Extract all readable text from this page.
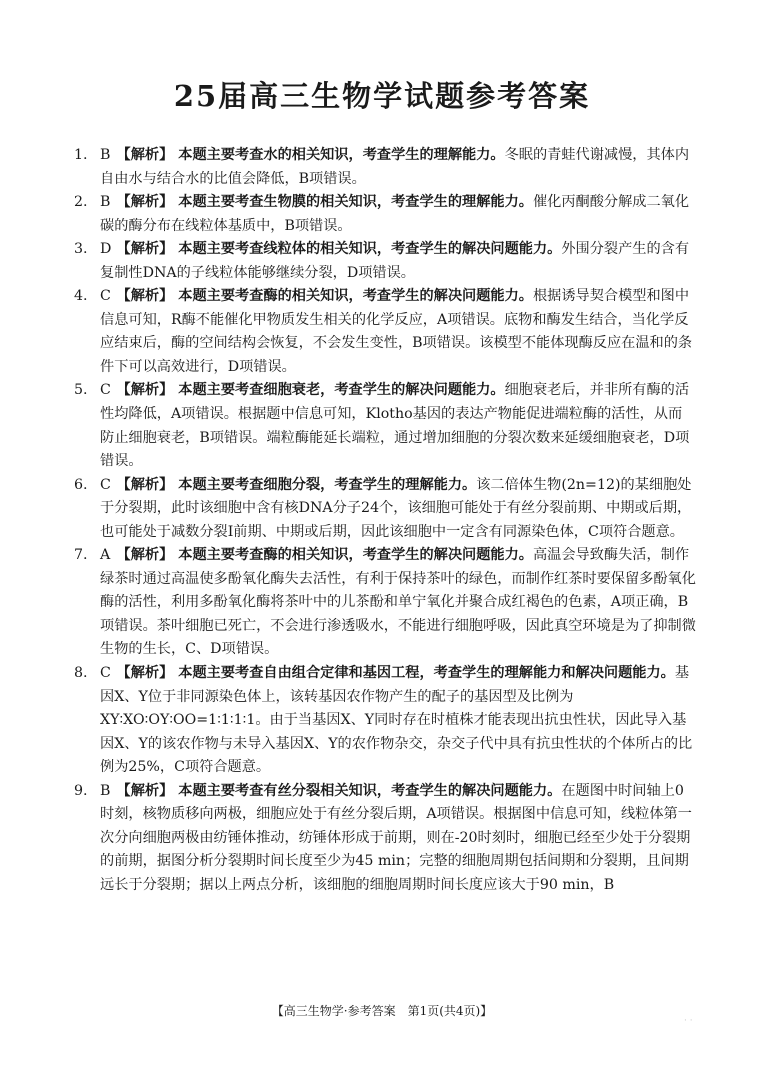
25届高三生物学试题参考答案
1. B 【解析】 本题主要考查水的相关知识，考查学生的理解能力。冬眠的青蛙代谢减慢，其体内自由水与结合水的比值会降低，B项错误。
2. B 【解析】 本题主要考查生物膜的相关知识，考查学生的理解能力。催化丙酮酸分解成二氧化碳的酶分布在线粒体基质中，B项错误。
3. D 【解析】 本题主要考查线粒体的相关知识，考查学生的解决问题能力。外围分裂产生的含有复制性DNA的子线粒体能够继续分裂，D项错误。
4. C 【解析】 本题主要考查酶的相关知识，考查学生的解决问题能力。根据诱导契合模型和图中信息可知，R酶不能催化甲物质发生相关的化学反应，A项错误。底物和酶发生结合，当化学反应结束后，酶的空间结构会恢复，不会发生变性，B项错误。该模型不能体现酶反应在温和的条件下可以高效进行，D项错误。
5. C 【解析】 本题主要考查细胞衰老，考查学生的解决问题能力。细胞衰老后，并非所有酶的活性均降低，A项错误。根据题中信息可知，Klotho基因的表达产物能促进端粒酶的活性，从而防止细胞衰老，B项错误。端粒酶能延长端粒，通过增加细胞的分裂次数来延缓细胞衰老，D项错误。
6. C 【解析】 本题主要考查细胞分裂，考查学生的理解能力。该二倍体生物(2n=12)的某细胞处于分裂期，此时该细胞中含有核DNA分子24个，该细胞可能处于有丝分裂前期、中期或后期，也可能处于减数分裂Ⅰ前期、中期或后期，因此该细胞中一定含有同源染色体，C项符合题意。
7. A 【解析】 本题主要考查酶的相关知识，考查学生的解决问题能力。高温会导致酶失活，制作绿茶时通过高温使多酚氧化酶失去活性，有利于保持茶叶的绿色，而制作红茶时要保留多酚氧化酶的活性，利用多酚氧化酶将茶叶中的儿茶酚和单宁氧化并聚合成红褐色的色素，A项正确，B项错误。茶叶细胞已死亡，不会进行渗透吸水，不能进行细胞呼吸，因此真空环境是为了抑制微生物的生长，C、D项错误。
8. C 【解析】 本题主要考查自由组合定律和基因工程，考查学生的理解能力和解决问题能力。基因X、Y位于非同源染色体上，该转基因农作物产生的配子的基因型及比例为XY∶XO∶OY∶OO=1∶1∶1∶1。由于当基因X、Y同时存在时植株才能表现出抗虫性状，因此导入基因X、Y的该农作物与未导入基因X、Y的农作物杂交，杂交子代中具有抗虫性状的个体所占的比例为25%，C项符合题意。
9. B 【解析】 本题主要考查有丝分裂相关知识，考查学生的解决问题能力。在题图中时间轴上0时刻，核物质移向两极，细胞应处于有丝分裂后期，A项错误。根据图中信息可知，线粒体第一次分向细胞两极由纺锤体推动，纺锤体形成于前期，则在-20时刻时，细胞已经至少处于分裂期的前期，据图分析分裂期时间长度至少为45 min；完整的细胞周期包括间期和分裂期，且间期远长于分裂期；据以上两点分析，该细胞的细胞周期时间长度应该大于90 min，B
【高三生物学·参考答案　第1页(共4页)】
· ·
